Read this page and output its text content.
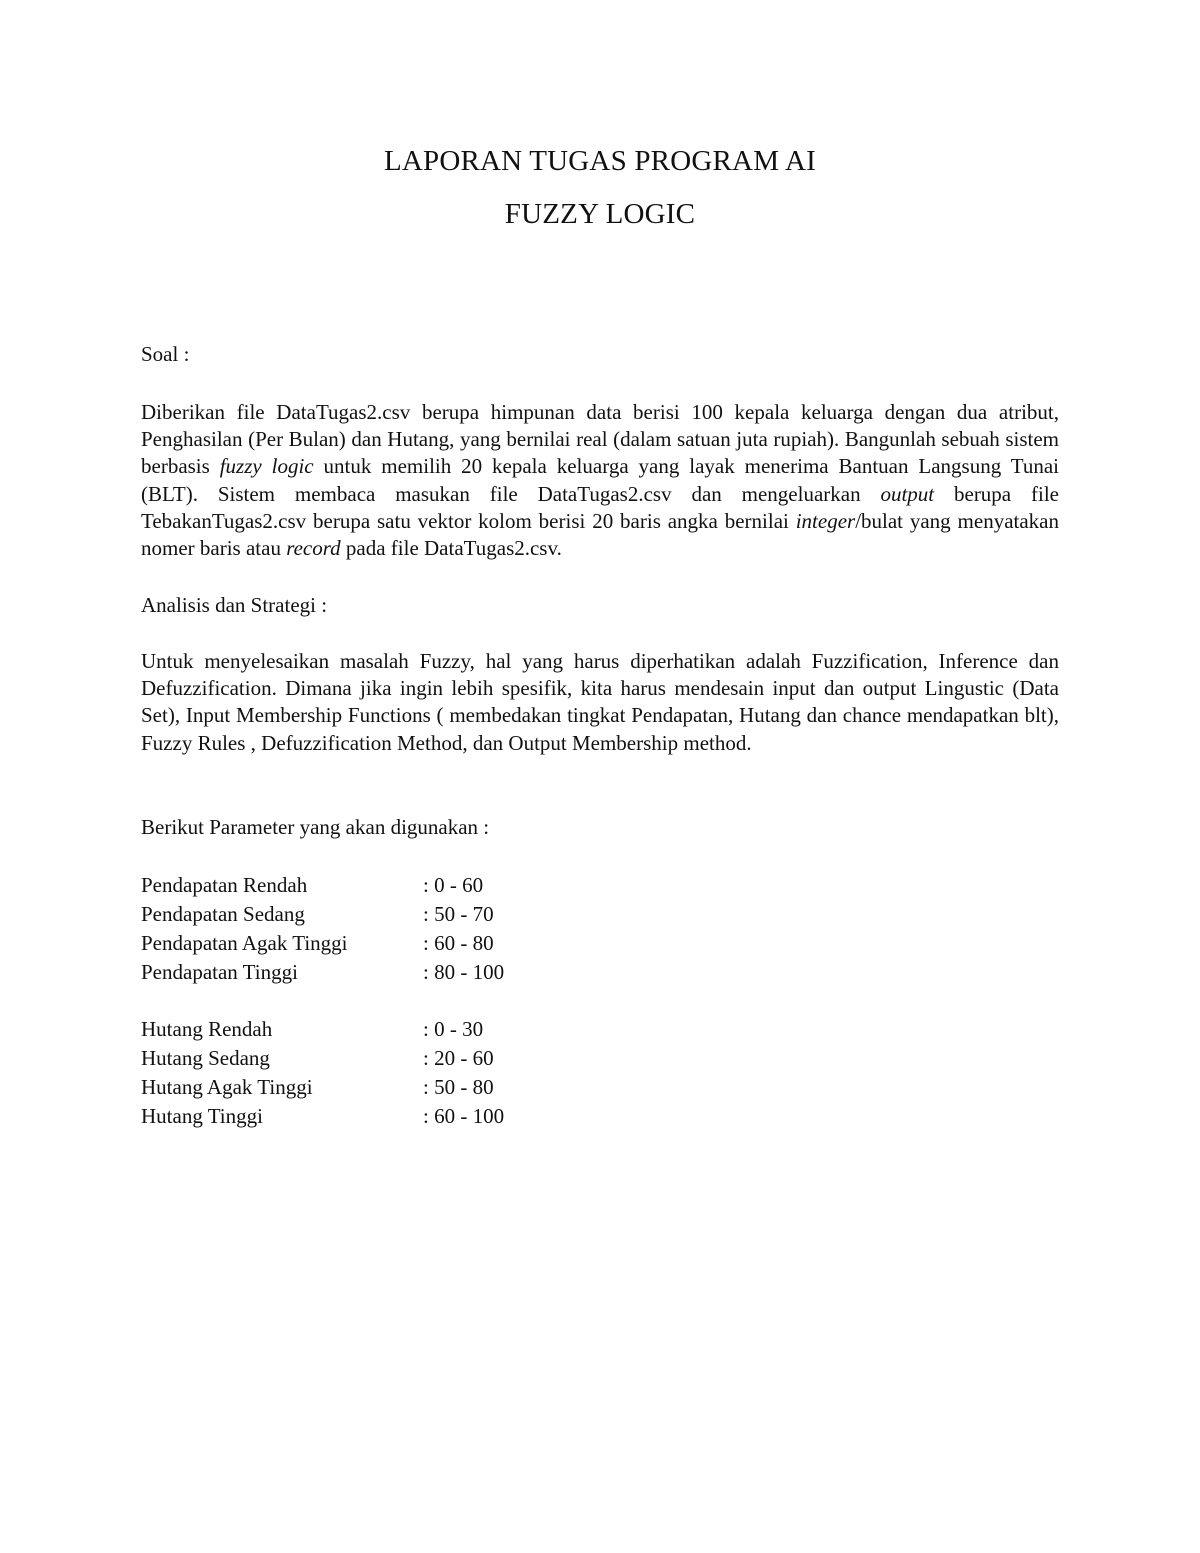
LAPORAN TUGAS PROGRAM AI
FUZZY LOGIC
Soal :

Diberikan file DataTugas2.csv berupa himpunan data berisi 100 kepala keluarga dengan dua atribut, Penghasilan (Per Bulan) dan Hutang, yang bernilai real (dalam satuan juta rupiah). Bangunlah sebuah sistem berbasis fuzzy logic untuk memilih 20 kepala keluarga yang layak menerima Bantuan Langsung Tunai (BLT). Sistem membaca masukan file DataTugas2.csv dan mengeluarkan output berupa file TebakanTugas2.csv berupa satu vektor kolom berisi 20 baris angka bernilai integer/bulat yang menyatakan nomer baris atau record pada file DataTugas2.csv.

Analisis dan Strategi :

Untuk menyelesaikan masalah Fuzzy, hal yang harus diperhatikan adalah Fuzzification, Inference dan Defuzzification. Dimana jika ingin lebih spesifik, kita harus mendesain input dan output Lingustic (Data Set), Input Membership Functions ( membedakan tingkat Pendapatan, Hutang dan chance mendapatkan blt), Fuzzy Rules , Defuzzification Method, dan Output Membership method.

Berikut Parameter yang akan digunakan :
Pendapatan Rendah	: 0 - 60
Pendapatan Sedang	: 50 - 70
Pendapatan Agak Tinggi	: 60 - 80
Pendapatan Tinggi	: 80 - 100
Hutang Rendah	: 0 - 30
Hutang Sedang	: 20 - 60
Hutang Agak Tinggi	: 50 - 80
Hutang Tinggi	: 60 - 100
